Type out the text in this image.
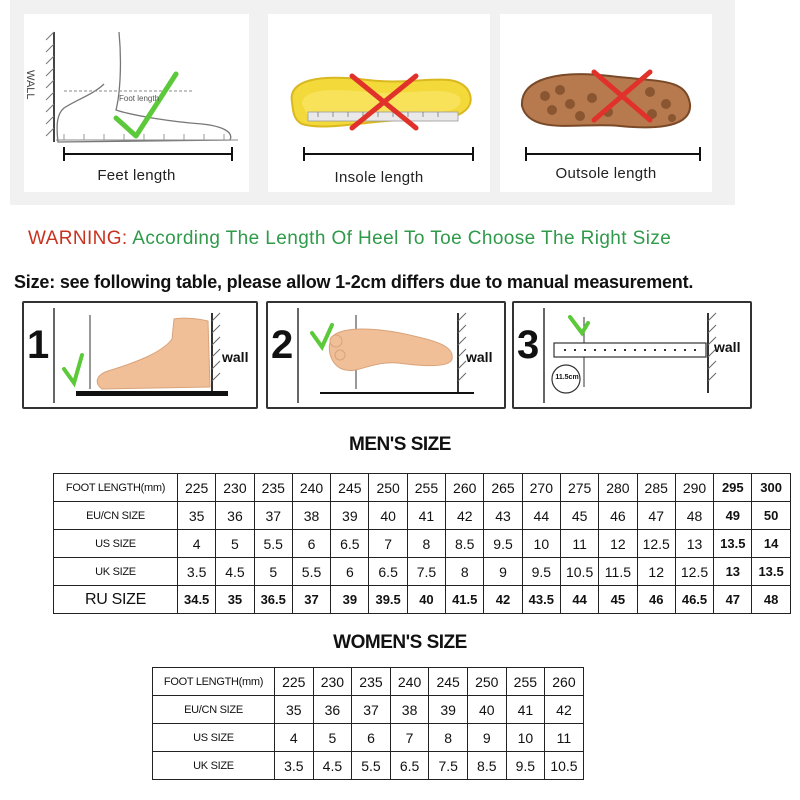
WALL	Foot length
Feet length	Insole length	Outsole length
WARNING: According The Length Of Heel To Toe Choose The Right Size
Size: see following table, please allow 1-2cm differs due to manual measurement.
1	wall 2	wall 3
11.5cm
wall
MEN'S SIZE
FOOT LENGTH(mm)	225	230	235	240	245	250	255	260	265	270	275	280	285	290	295	300
EU/CN SIZE	35	36	37	38	39	40	41	42	43	44	45	46	47	48	49	50
US SIZE	4	5	5.5	6	6.5	7	8	8.5	9.5	10	11	12	12.5	13	13.5	14
UK SIZE	3.5	4.5	5	5.5	6	6.5	7.5	8	9	9.5	10.5	11.5	12	12.5	13	13.5
RU SIZE	34.5	35	36.5	37	39	39.5	40	41.5	42	43.5	44	45	46	46.5	47	48
WOMEN'S SIZE
FOOT LENGTH(mm)	225	230	235	240	245	250	255	260
EU/CN SIZE	35	36	37	38	39	40	41	42
US SIZE	4	5	6	7	8	9	10	11
UK SIZE	3.5	4.5	5.5	6.5	7.5	8.5	9.5	10.5
